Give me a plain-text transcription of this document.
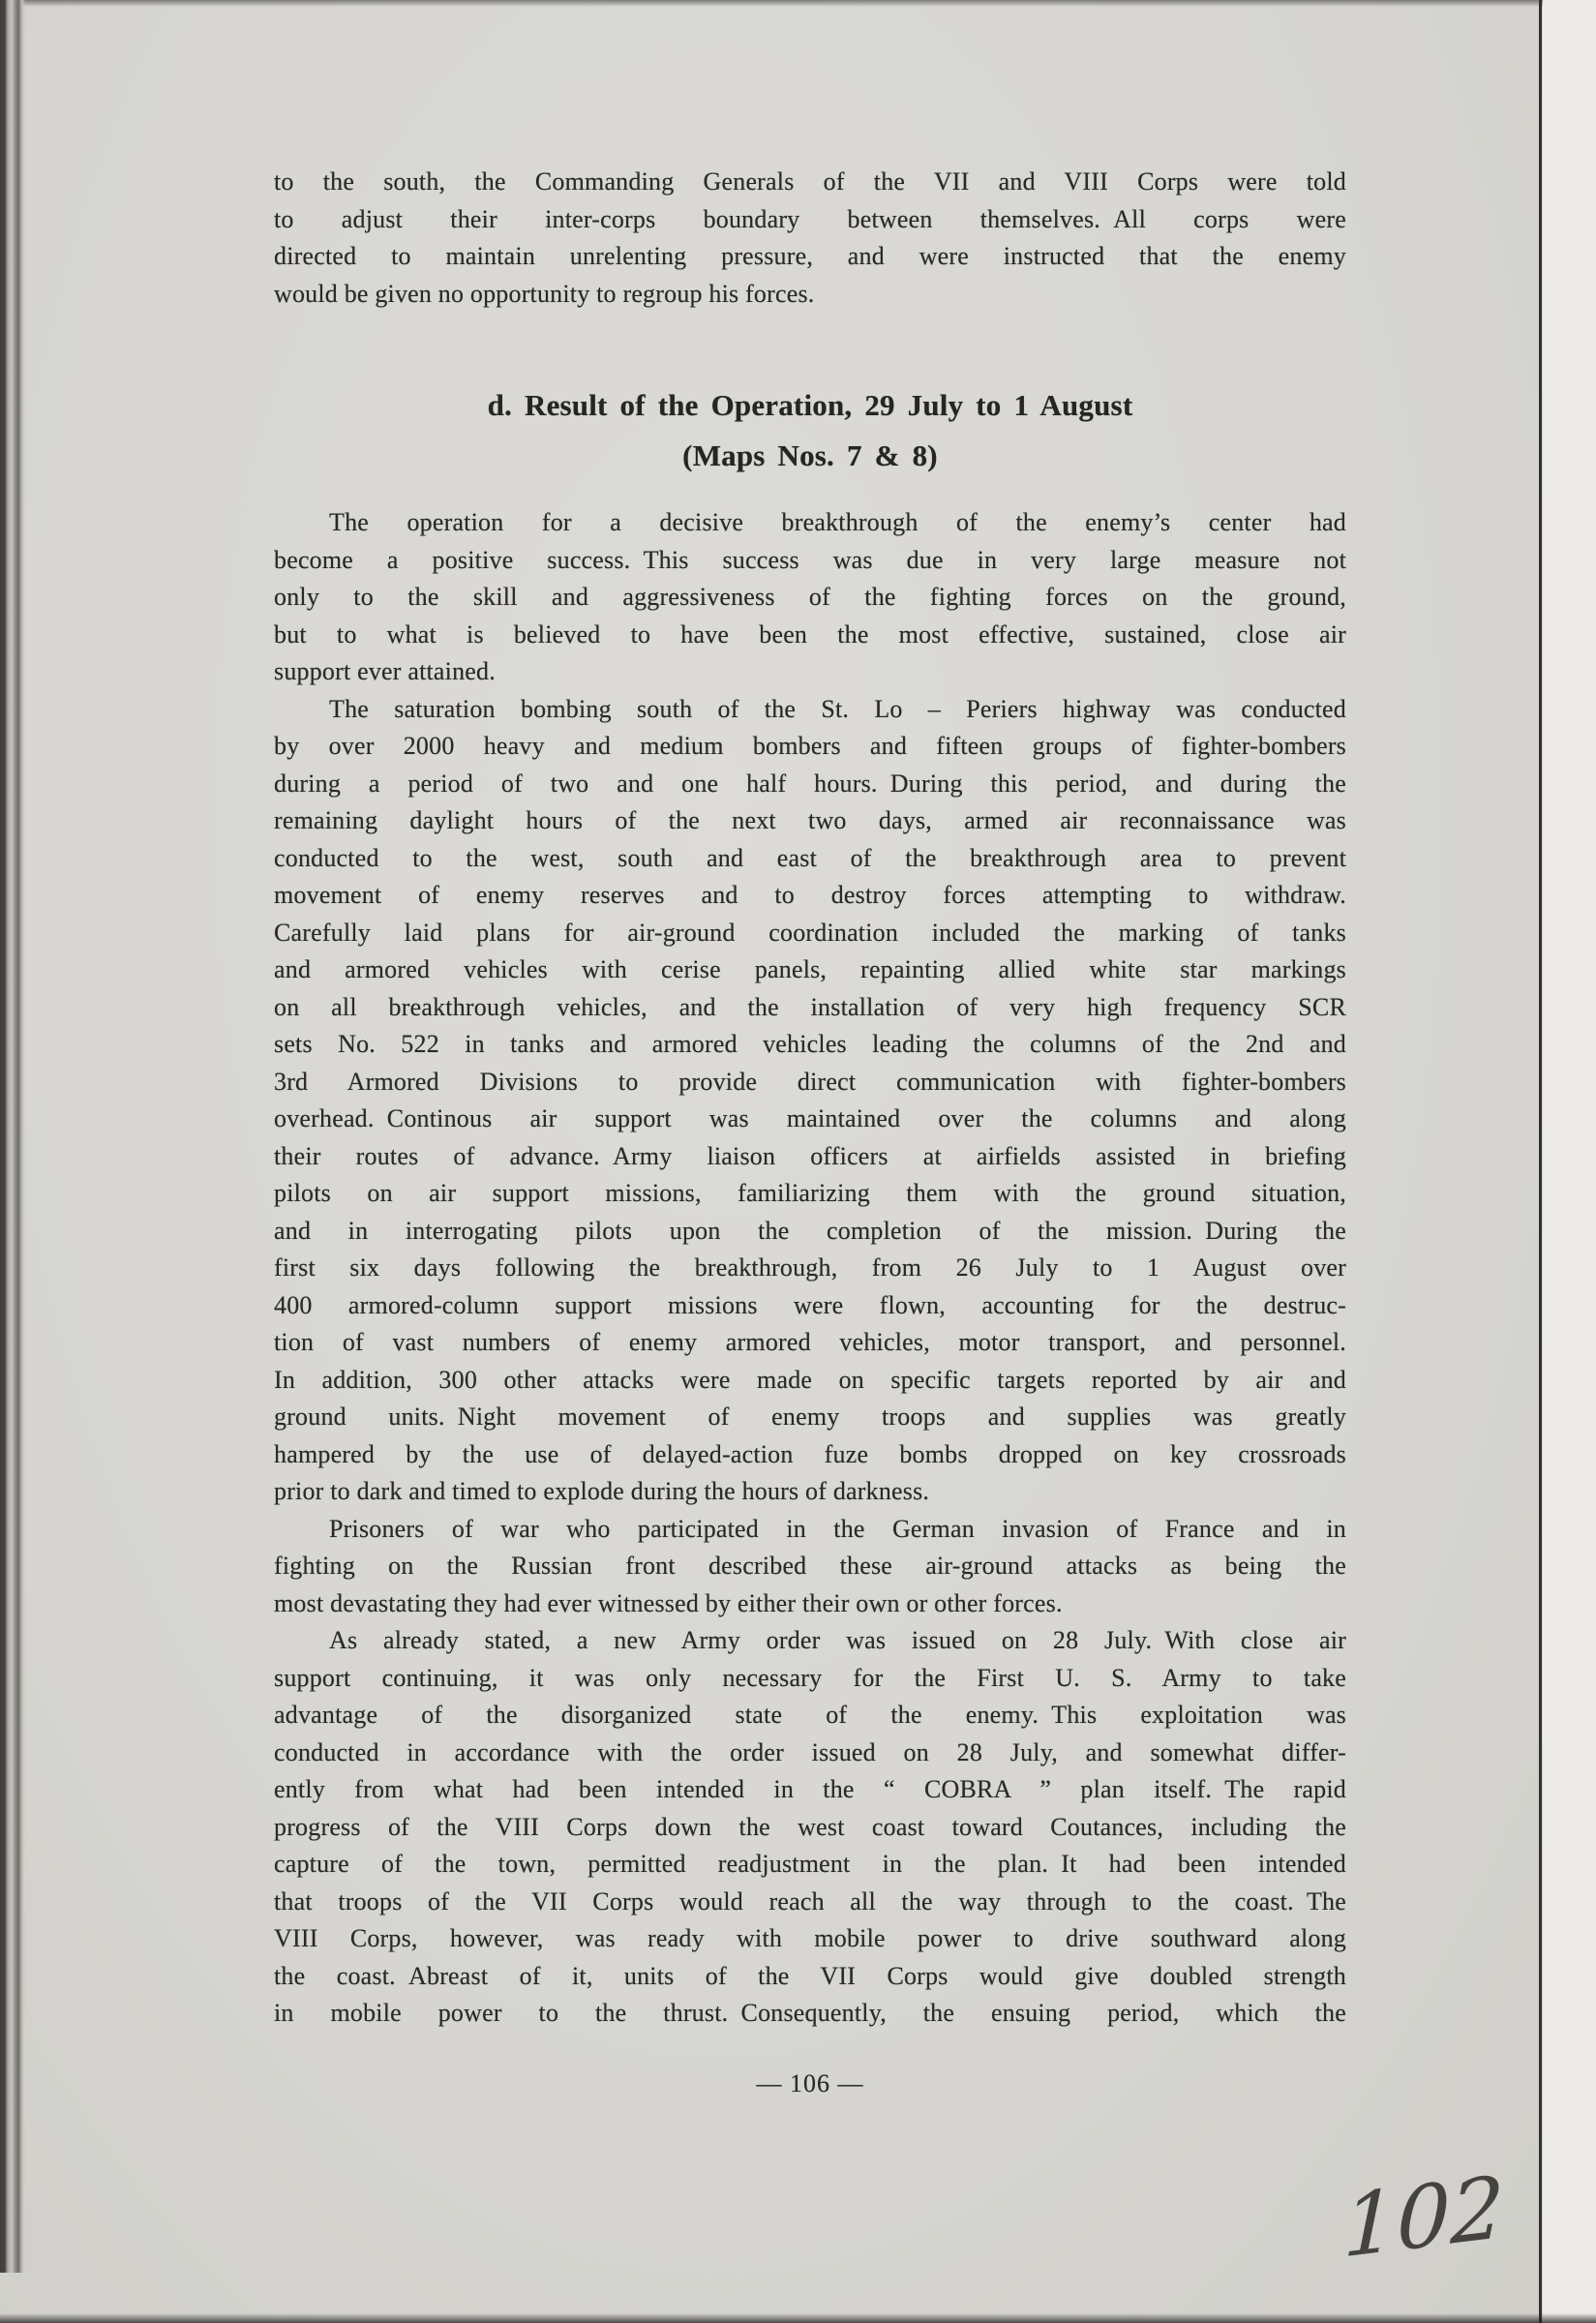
to the south, the Commanding Generals of the VII and VIII Corps were told
to adjust their inter-corps boundary between themselves. All corps were
directed to maintain unrelenting pressure, and were instructed that the enemy
would be given no opportunity to regroup his forces.
d. Result of the Operation, 29 July to 1 August
(Maps Nos. 7 & 8)
The operation for a decisive breakthrough of the enemy’s center had
become a positive success. This success was due in very large measure not
only to the skill and aggressiveness of the fighting forces on the ground,
but to what is believed to have been the most effective, sustained, close air
support ever attained.
The saturation bombing south of the St. Lo – Periers highway was conducted
by over 2000 heavy and medium bombers and fifteen groups of fighter-bombers
during a period of two and one half hours. During this period, and during the
remaining daylight hours of the next two days, armed air reconnaissance was
conducted to the west, south and east of the breakthrough area to prevent
movement of enemy reserves and to destroy forces attempting to withdraw.
Carefully laid plans for air-ground coordination included the marking of tanks
and armored vehicles with cerise panels, repainting allied white star markings
on all breakthrough vehicles, and the installation of very high frequency SCR
sets No. 522 in tanks and armored vehicles leading the columns of the 2nd and
3rd Armored Divisions to provide direct communication with fighter-bombers
overhead. Continous air support was maintained over the columns and along
their routes of advance. Army liaison officers at airfields assisted in briefing
pilots on air support missions, familiarizing them with the ground situation,
and in interrogating pilots upon the completion of the mission. During the
first six days following the breakthrough, from 26 July to 1 August over
400 armored-column support missions were flown, accounting for the destruc-
tion of vast numbers of enemy armored vehicles, motor transport, and personnel.
In addition, 300 other attacks were made on specific targets reported by air and
ground units. Night movement of enemy troops and supplies was greatly
hampered by the use of delayed-action fuze bombs dropped on key crossroads
prior to dark and timed to explode during the hours of darkness.
Prisoners of war who participated in the German invasion of France and in
fighting on the Russian front described these air-ground attacks as being the
most devastating they had ever witnessed by either their own or other forces.
As already stated, a new Army order was issued on 28 July. With close air
support continuing, it was only necessary for the First U. S. Army to take
advantage of the disorganized state of the enemy. This exploitation was
conducted in accordance with the order issued on 28 July, and somewhat differ-
ently from what had been intended in the “ COBRA ” plan itself. The rapid
progress of the VIII Corps down the west coast toward Coutances, including the
capture of the town, permitted readjustment in the plan. It had been intended
that troops of the VII Corps would reach all the way through to the coast. The
VIII Corps, however, was ready with mobile power to drive southward along
the coast. Abreast of it, units of the VII Corps would give doubled strength
in mobile power to the thrust. Consequently, the ensuing period, which the
— 106 —
102
